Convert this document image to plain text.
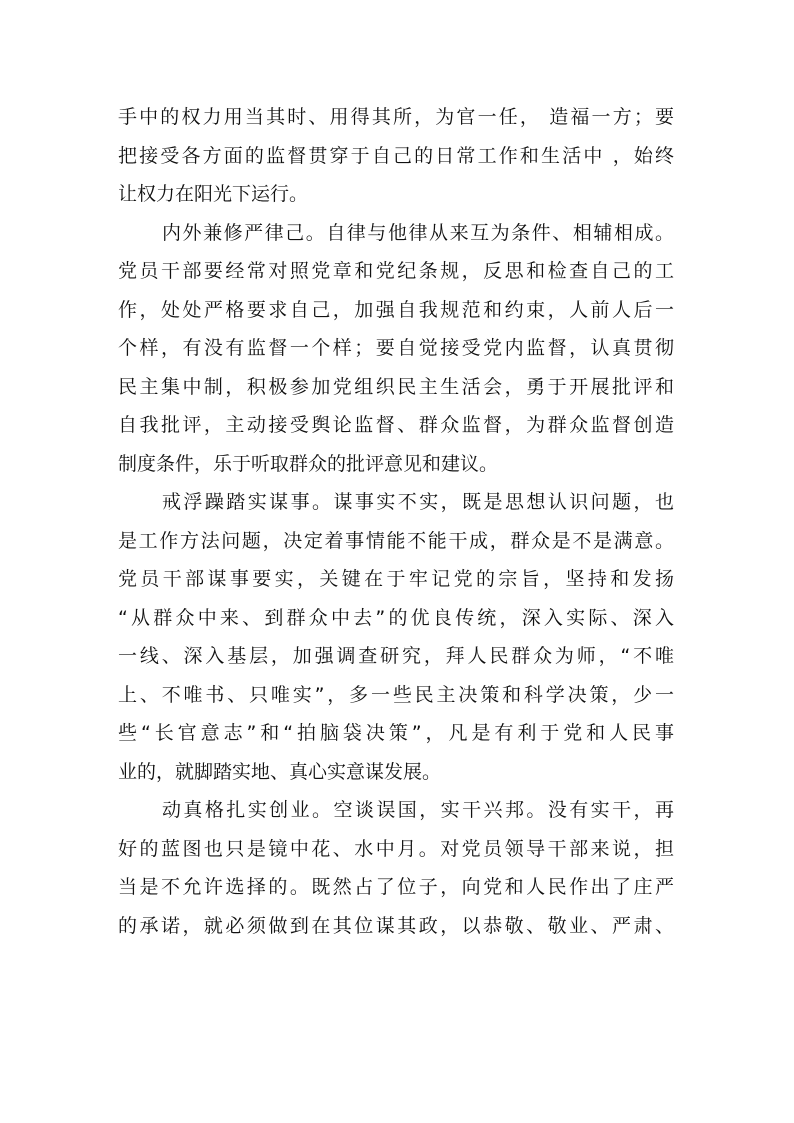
手中的权力用当其时、用得其所，为官一任， 造福一方；要
把接受各方面的监督贯穿于自己的日常工作和生活中 ，始终
让权力在阳光下运行。
内外兼修严律己。自律与他律从来互为条件、相辅相成。
党员干部要经常对照党章和党纪条规，反思和检查自己的工
作，处处严格要求自己，加强自我规范和约束，人前人后一
个样，有没有监督一个样；要自觉接受党内监督，认真贯彻
民主集中制，积极参加党组织民主生活会，勇于开展批评和
自我批评，主动接受舆论监督、群众监督，为群众监督创造
制度条件，乐于听取群众的批评意见和建议。
戒浮躁踏实谋事。谋事实不实，既是思想认识问题，也
是工作方法问题，决定着事情能不能干成，群众是不是满意。
党员干部谋事要实，关键在于牢记党的宗旨，坚持和发扬
“从群众中来、到群众中去”的优良传统，深入实际、深入
一线、深入基层，加强调查研究，拜人民群众为师，“不唯
上、不唯书、只唯实”，多一些民主决策和科学决策，少一
些“长官意志”和“拍脑袋决策”，凡是有利于党和人民事
业的，就脚踏实地、真心实意谋发展。
动真格扎实创业。空谈误国，实干兴邦。没有实干，再
好的蓝图也只是镜中花、水中月。对党员领导干部来说，担
当是不允许选择的。既然占了位子，向党和人民作出了庄严
的承诺，就必须做到在其位谋其政，以恭敬、敬业、严肃、
